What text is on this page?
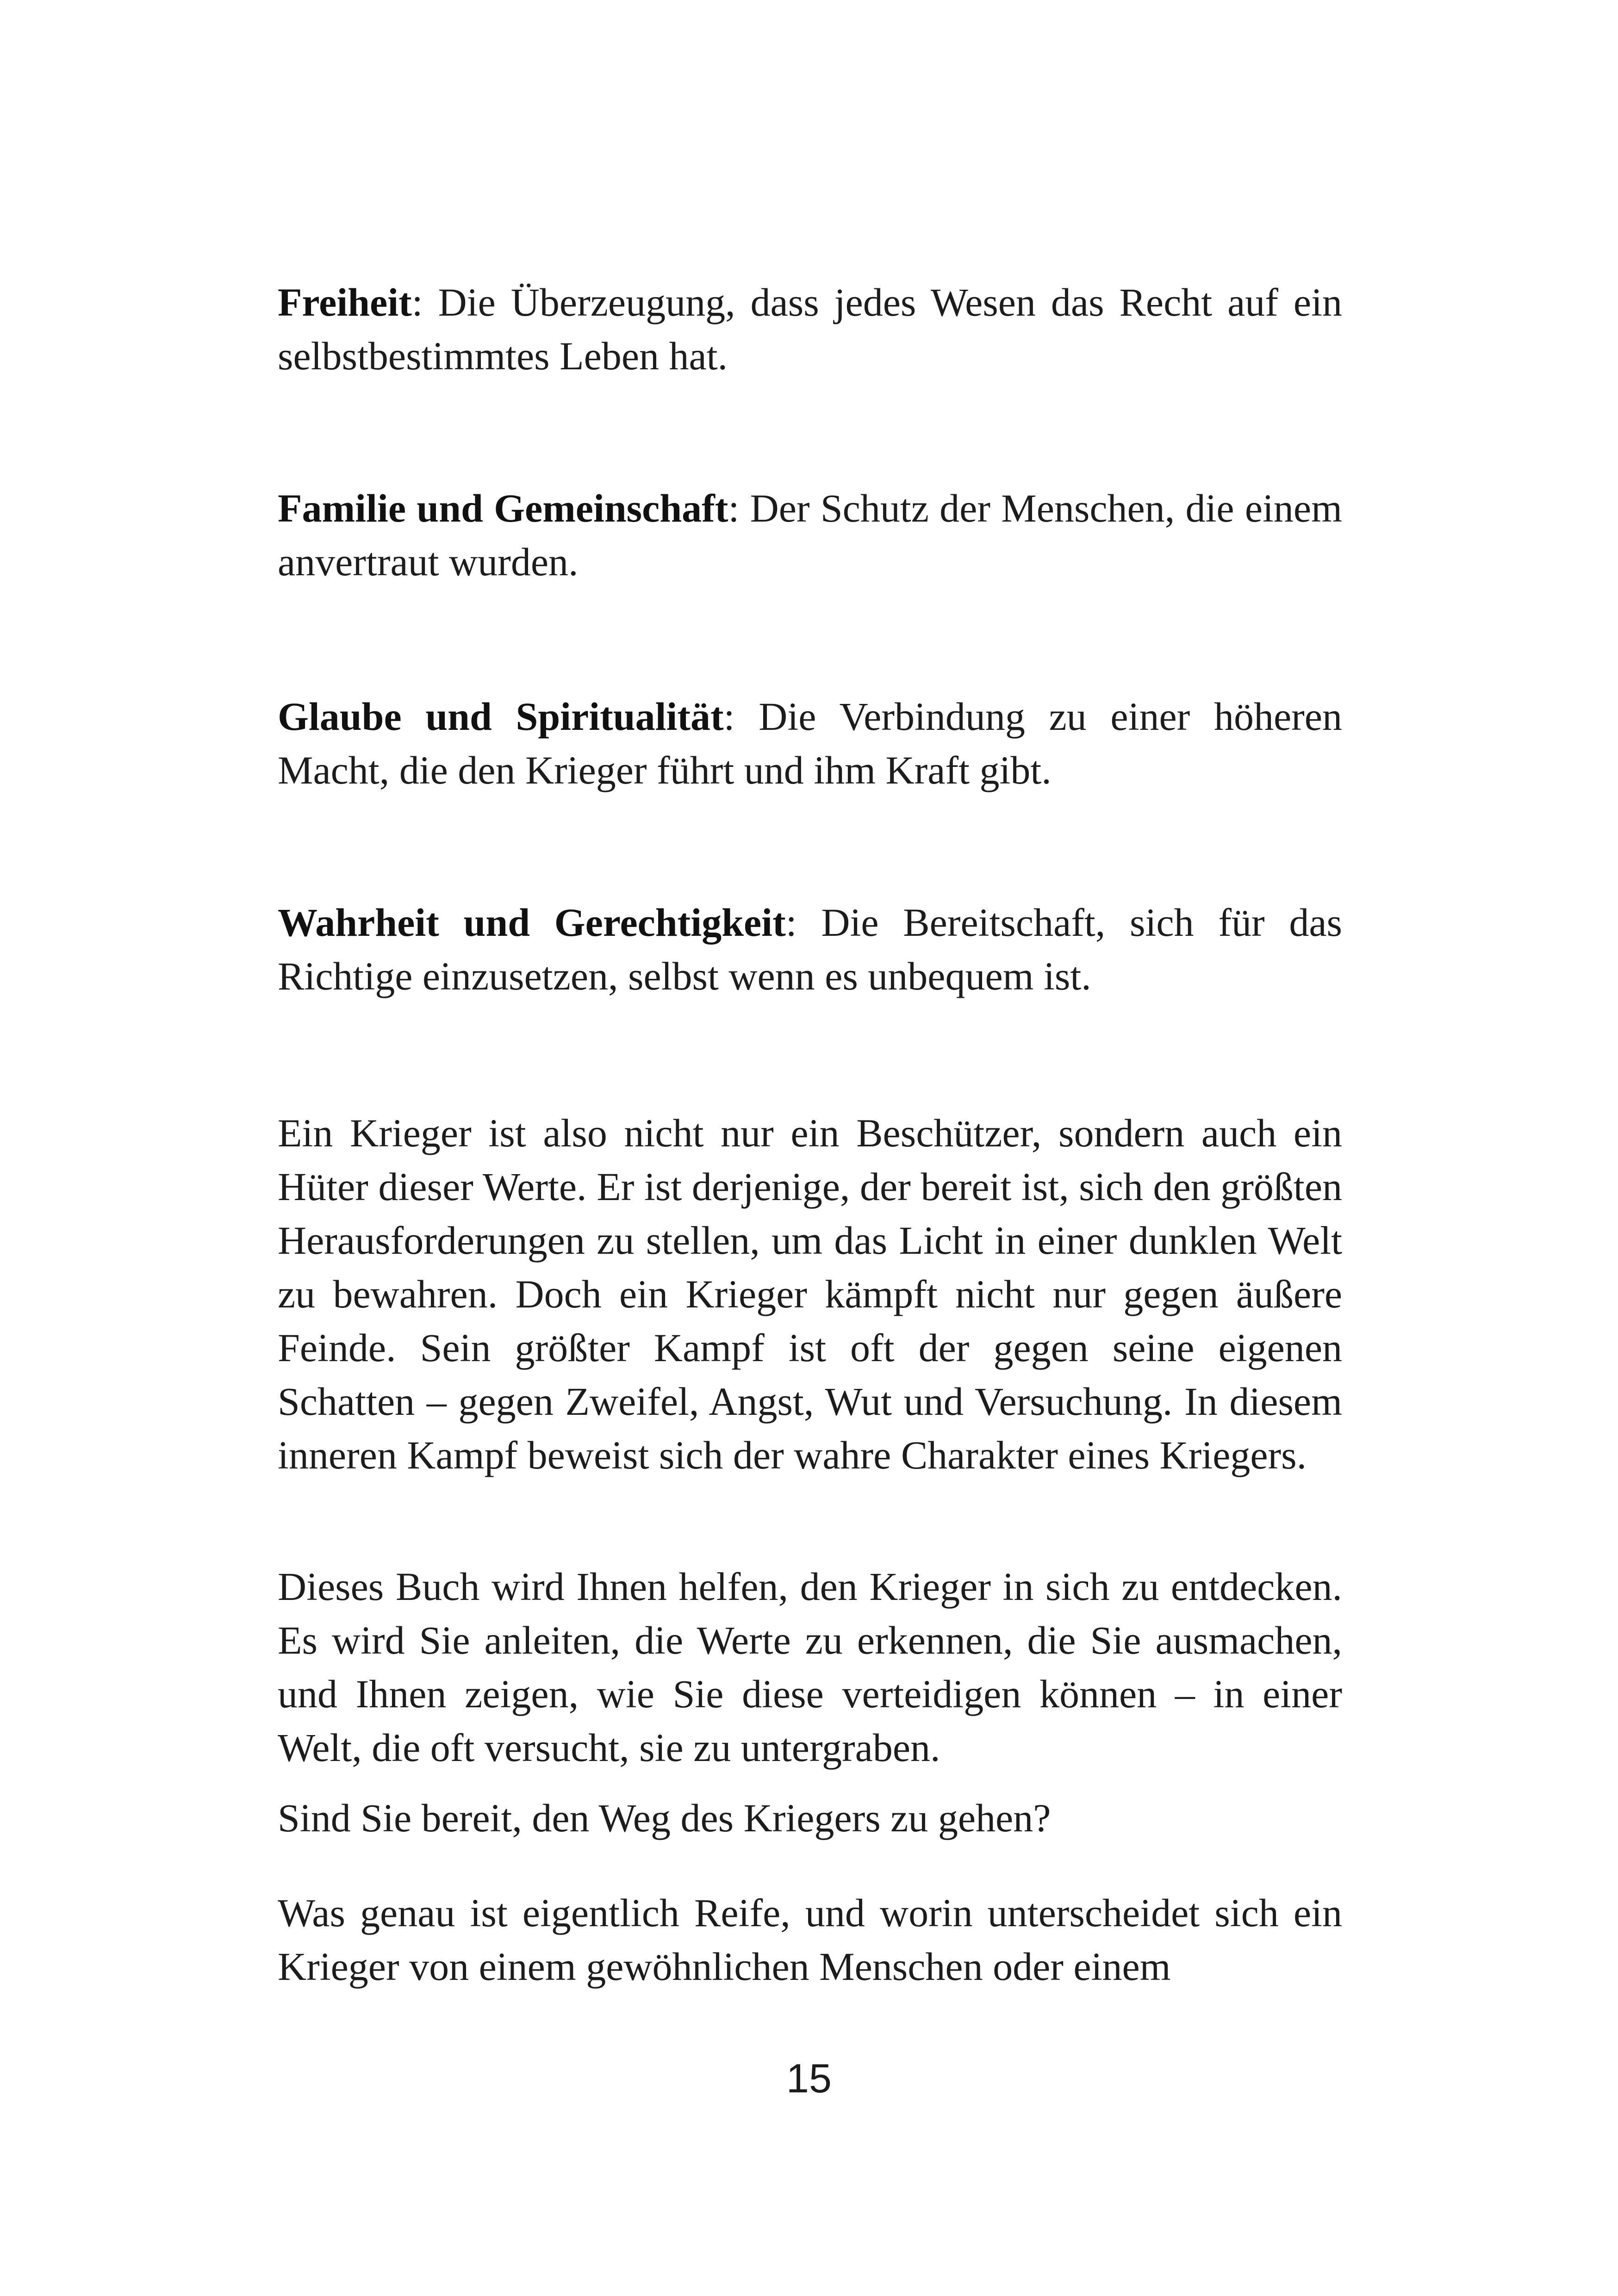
Freiheit: Die Überzeugung, dass jedes Wesen das Recht auf ein selbstbestimmtes Leben hat.
Familie und Gemeinschaft: Der Schutz der Menschen, die einem anvertraut wurden.
Glaube und Spiritualität: Die Verbindung zu einer höheren Macht, die den Krieger führt und ihm Kraft gibt.
Wahrheit und Gerechtigkeit: Die Bereitschaft, sich für das Richtige einzusetzen, selbst wenn es unbequem ist.

Ein Krieger ist also nicht nur ein Beschützer, sondern auch ein Hüter dieser Werte. Er ist derjenige, der bereit ist, sich den größten Herausforderungen zu stellen, um das Licht in einer dunklen Welt zu bewahren. Doch ein Krieger kämpft nicht nur gegen äußere Feinde. Sein größter Kampf ist oft der gegen seine eigenen Schatten – gegen Zweifel, Angst, Wut und Versuchung. In diesem inneren Kampf beweist sich der wahre Charakter eines Kriegers.

Dieses Buch wird Ihnen helfen, den Krieger in sich zu entdecken. Es wird Sie anleiten, die Werte zu erkennen, die Sie ausmachen, und Ihnen zeigen, wie Sie diese verteidigen können – in einer Welt, die oft versucht, sie zu untergraben.

Sind Sie bereit, den Weg des Kriegers zu gehen?

Was genau ist eigentlich Reife, und worin unterscheidet sich ein Krieger von einem gewöhnlichen Menschen oder einem

15
